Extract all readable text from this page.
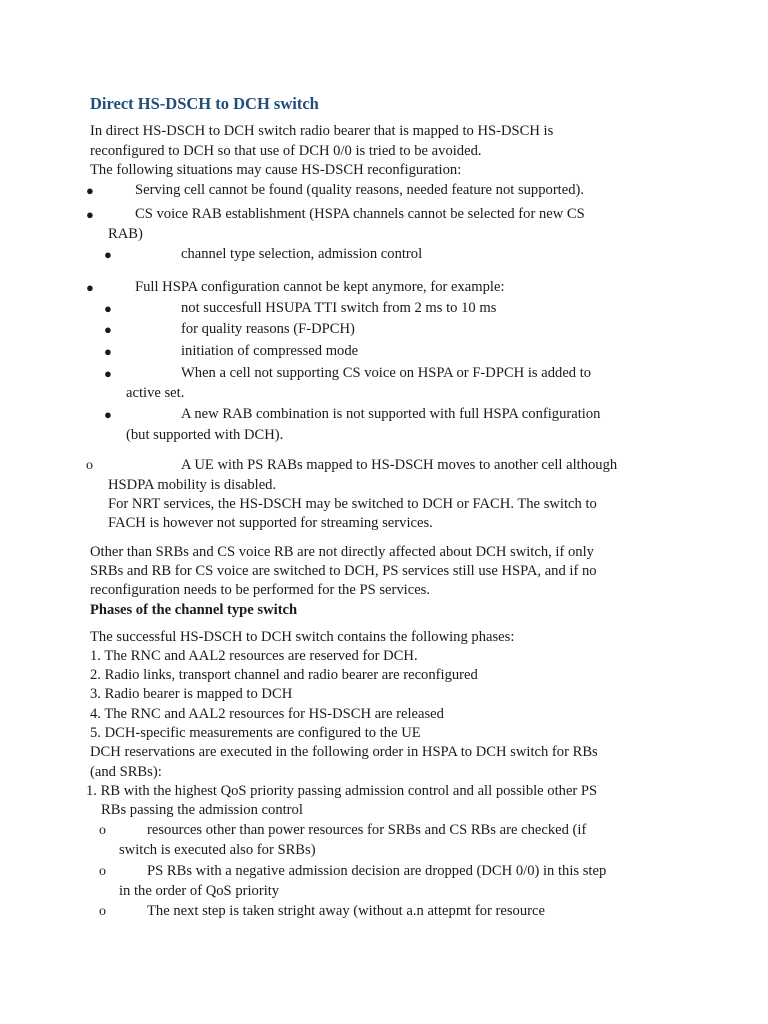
Direct HS-DSCH to DCH switch
In direct HS-DSCH to DCH switch radio bearer that is mapped to HS-DSCH is
reconfigured to DCH so that use of DCH 0/0 is tried to be avoided.
The following situations may cause HS-DSCH reconfiguration:
●	Serving cell cannot be found (quality reasons, needed feature not supported).
●	CS voice RAB establishment (HSPA channels cannot be selected for new CS
RAB)
●	channel type selection, admission control
●	Full HSPA configuration cannot be kept anymore, for example:
●	not succesfull HSUPA TTI switch from 2 ms to 10 ms
●	for quality reasons (F-DPCH)
●	initiation of compressed mode
●	When a cell not supporting CS voice on HSPA or F-DPCH is added to
active set.
●	A new RAB combination is not supported with full HSPA configuration
(but supported with DCH).
o	A UE with PS RABs mapped to HS-DSCH moves to another cell although
HSDPA mobility is disabled.
For NRT services, the HS-DSCH may be switched to DCH or FACH. The switch to
FACH is however not supported for streaming services.
Other than SRBs and CS voice RB are not directly affected about DCH switch, if only
SRBs and RB for CS voice are switched to DCH, PS services still use HSPA, and if no
reconfiguration needs to be performed for the PS services.
Phases of the channel type switch
The successful HS-DSCH to DCH switch contains the following phases:
1. The RNC and AAL2 resources are reserved for DCH.
2. Radio links, transport channel and radio bearer are reconfigured
3. Radio bearer is mapped to DCH
4. The RNC and AAL2 resources for HS-DSCH are released
5. DCH-specific measurements are configured to the UE
DCH reservations are executed in the following order in HSPA to DCH switch for RBs
(and SRBs):
1. RB with the highest QoS priority passing admission control and all possible other PS
RBs passing the admission control
o	resources other than power resources for SRBs and CS RBs are checked (if
switch is executed also for SRBs)
o	PS RBs with a negative admission decision are dropped (DCH 0/0) in this step
in the order of QoS priority
o	The next step is taken stright away (without a.n attepmt for resource
